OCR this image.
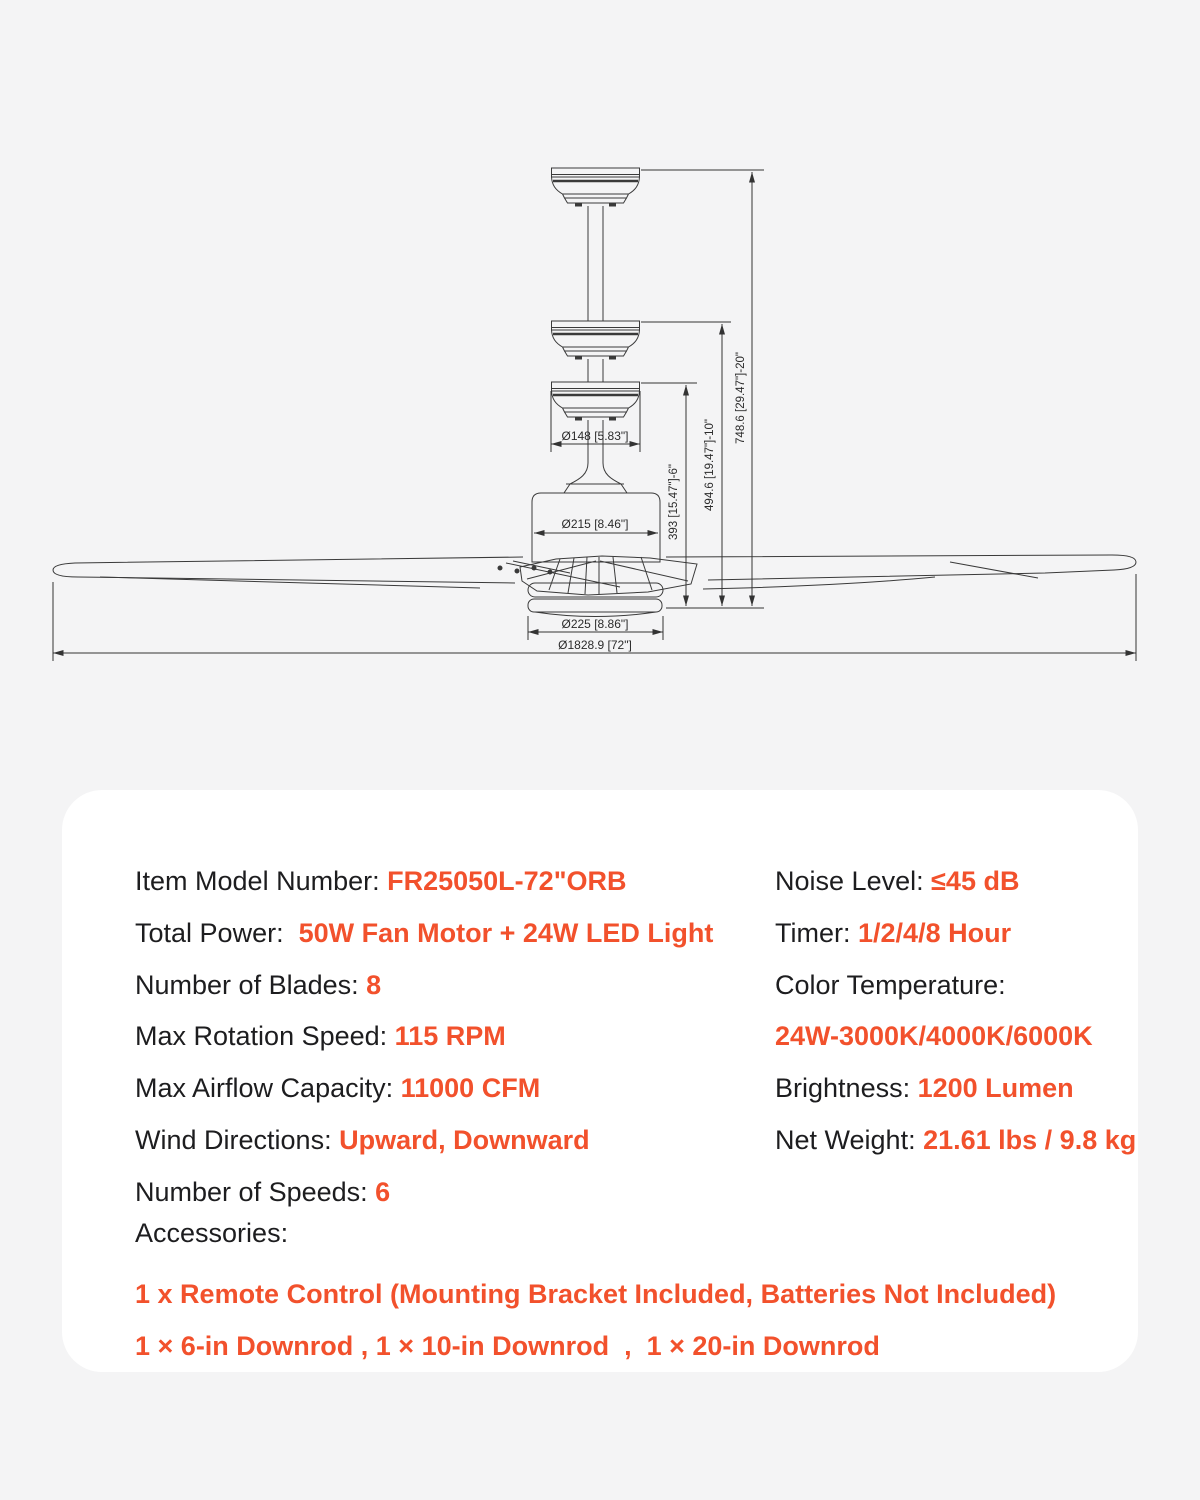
Ø148 [5.83"]
Ø215 [8.46"]
Ø225 [8.86"]
Ø1828.9 [72"]
393 [15.47"]-6" 494.6 [19.47"]-10"
748.6 [29.47"]-20"

Item Model Number: FR25050L-72"ORB

Total Power:  50W Fan Motor + 24W LED Light

Number of Blades: 8

Max Rotation Speed: 115 RPM

Max Airflow Capacity: 11000 CFM

Wind Directions: Upward, Downward

Number of Speeds: 6

Accessories:

Noise Level: ≤45 dB

Timer: 1/2/4/8 Hour

Color Temperature:

24W-3000K/4000K/6000K

Brightness: 1200 Lumen

Net Weight: 21.61 lbs / 9.8 kg

1 x Remote Control (Mounting Bracket Included, Batteries Not Included)

1 × 6-in Downrod , 1 × 10-in Downrod  ,  1 × 20-in Downrod
